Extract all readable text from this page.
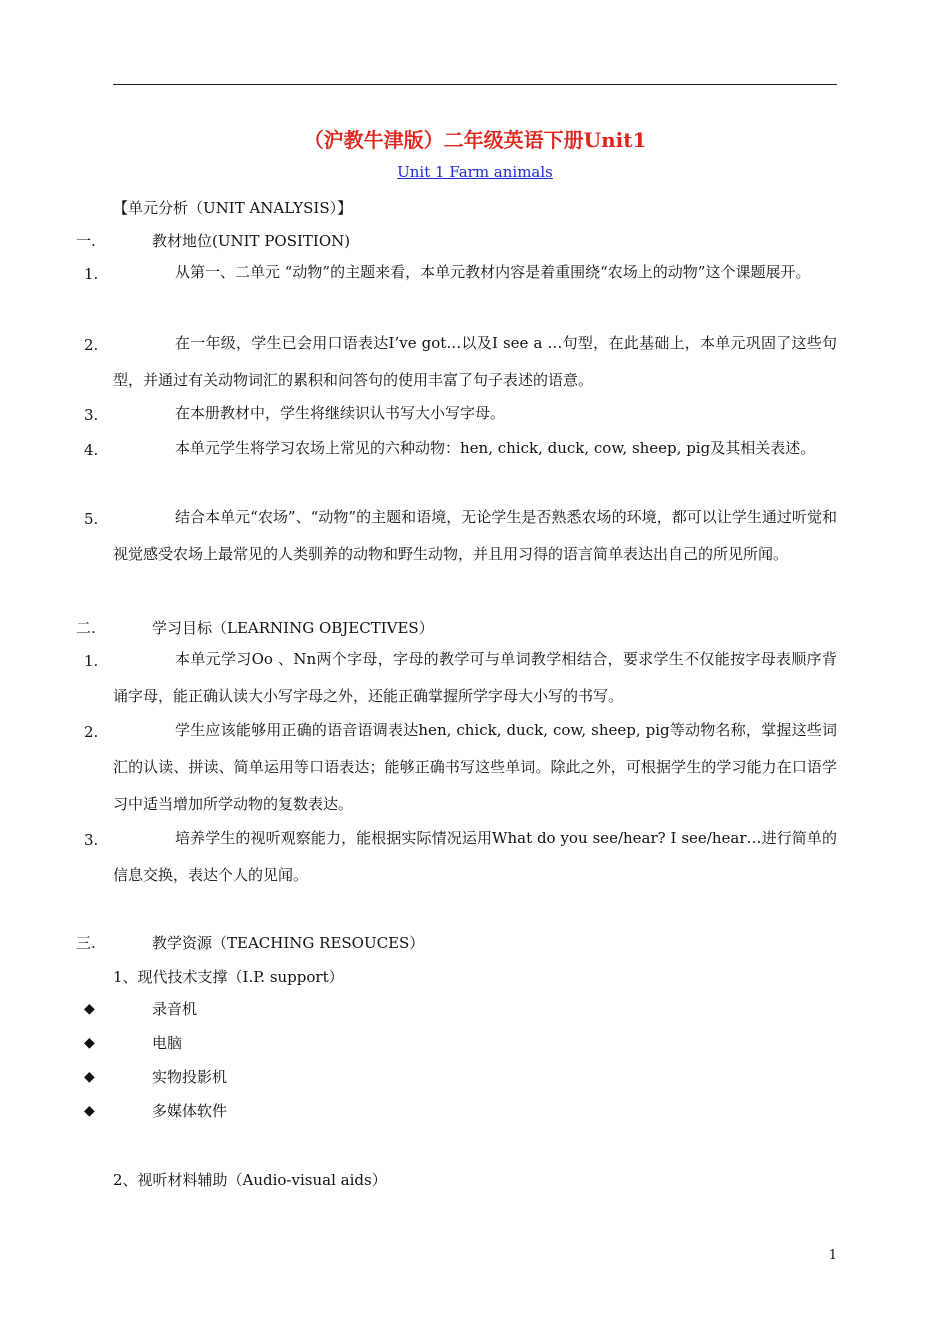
（沪教牛津版）二年级英语下册Unit1
Unit 1 Farm animals
【单元分析（UNIT ANALYSIS）】
一.	教材地位(UNIT POSITION)
1.	从第一、二单元 “动物”的主题来看，本单元教材内容是着重围绕“农场上的动物”这个课题展开。
2.	在一年级，学生已会用口语表达I’ve got…以及I see a …句型，在此基础上，本单元巩固了这些句型，并通过有关动物词汇的累积和问答句的使用丰富了句子表述的语意。
3.	在本册教材中，学生将继续识认书写大小写字母。
4.	本单元学生将学习农场上常见的六种动物：hen, chick, duck, cow, sheep, pig及其相关表述。
5.	结合本单元“农场”、“动物”的主题和语境，无论学生是否熟悉农场的环境，都可以让学生通过听觉和视觉感受农场上最常见的人类驯养的动物和野生动物，并且用习得的语言简单表达出自己的所见所闻。
二.	学习目标（LEARNING OBJECTIVES）
1.	本单元学习Oo 、Nn两个字母，字母的教学可与单词教学相结合，要求学生不仅能按字母表顺序背诵字母，能正确认读大小写字母之外，还能正确掌握所学字母大小写的书写。
2.	学生应该能够用正确的语音语调表达hen, chick, duck, cow, sheep, pig等动物名称，掌握这些词汇的认读、拼读、简单运用等口语表达；能够正确书写这些单词。除此之外，可根据学生的学习能力在口语学习中适当增加所学动物的复数表达。
3.	培养学生的视听观察能力，能根据实际情况运用What do you see/hear? I see/hear…进行简单的信息交换，表达个人的见闻。
三.	教学资源（TEACHING RESOUCES）
1、现代技术支撑（I.P. support）
◆	录音机
◆	电脑
◆	实物投影机
◆	多媒体软件
2、视听材料辅助（Audio-visual aids）
1
